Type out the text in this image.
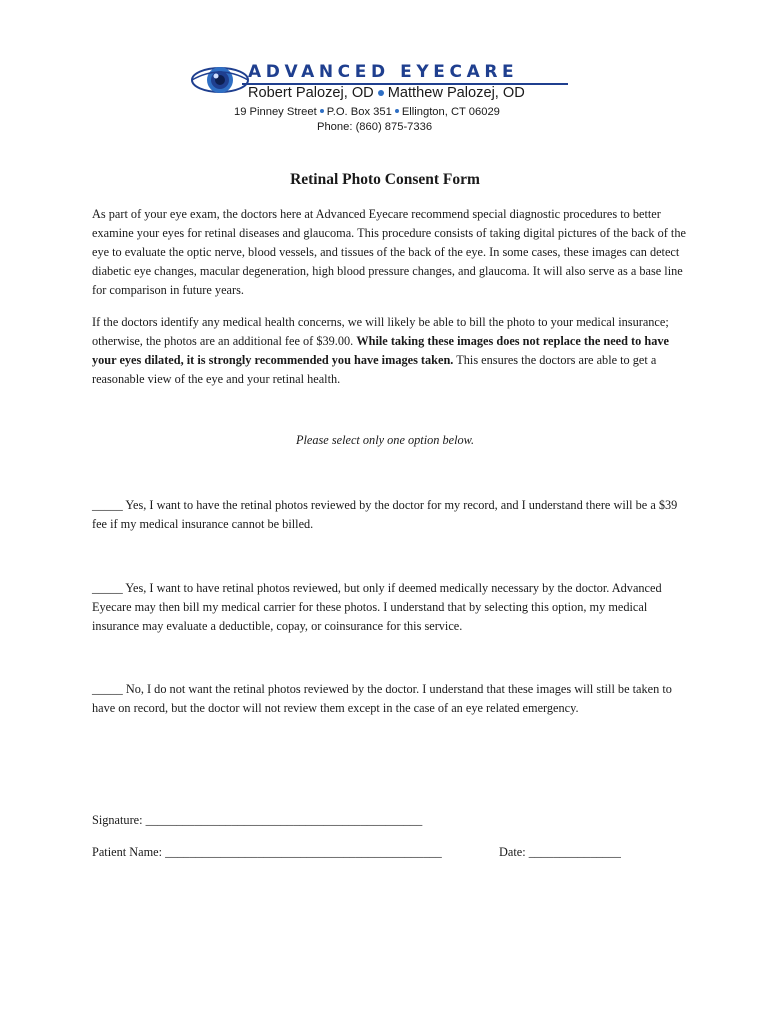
ADVANCED EYECARE
Robert Palozej, OD Matthew Palozej, OD
19 Pinney Street P.O. Box 351 Ellington, CT 06029
Phone: (860) 875-7336
Retinal Photo Consent Form

As part of your eye exam, the doctors here at Advanced Eyecare recommend special diagnostic procedures to better examine your eyes for retinal diseases and glaucoma. This procedure consists of taking digital pictures of the back of the eye to evaluate the optic nerve, blood vessels, and tissues of the back of the eye. In some cases, these images can detect diabetic eye changes, macular degeneration, high blood pressure changes, and glaucoma. It will also serve as a base line for comparison in future years.

If the doctors identify any medical health concerns, we will likely be able to bill the photo to your medical insurance; otherwise, the photos are an additional fee of $39.00. While taking these images does not replace the need to have your eyes dilated, it is strongly recommended you have images taken. This ensures the doctors are able to get a reasonable view of the eye and your retinal health.

Please select only one option below.

_____ Yes, I want to have the retinal photos reviewed by the doctor for my record, and I understand there will be a $39 fee if my medical insurance cannot be billed.

_____ Yes, I want to have retinal photos reviewed, but only if deemed medically necessary by the doctor. Advanced Eyecare may then bill my medical carrier for these photos. I understand that by selecting this option, my medical insurance may evaluate a deductible, copay, or coinsurance for this service.

_____ No, I do not want the retinal photos reviewed by the doctor. I understand that these images will still be taken to have on record, but the doctor will not review them except in the case of an eye related emergency.

Signature: _____________________________________________
Patient Name: _____________________________________________	Date: _______________
